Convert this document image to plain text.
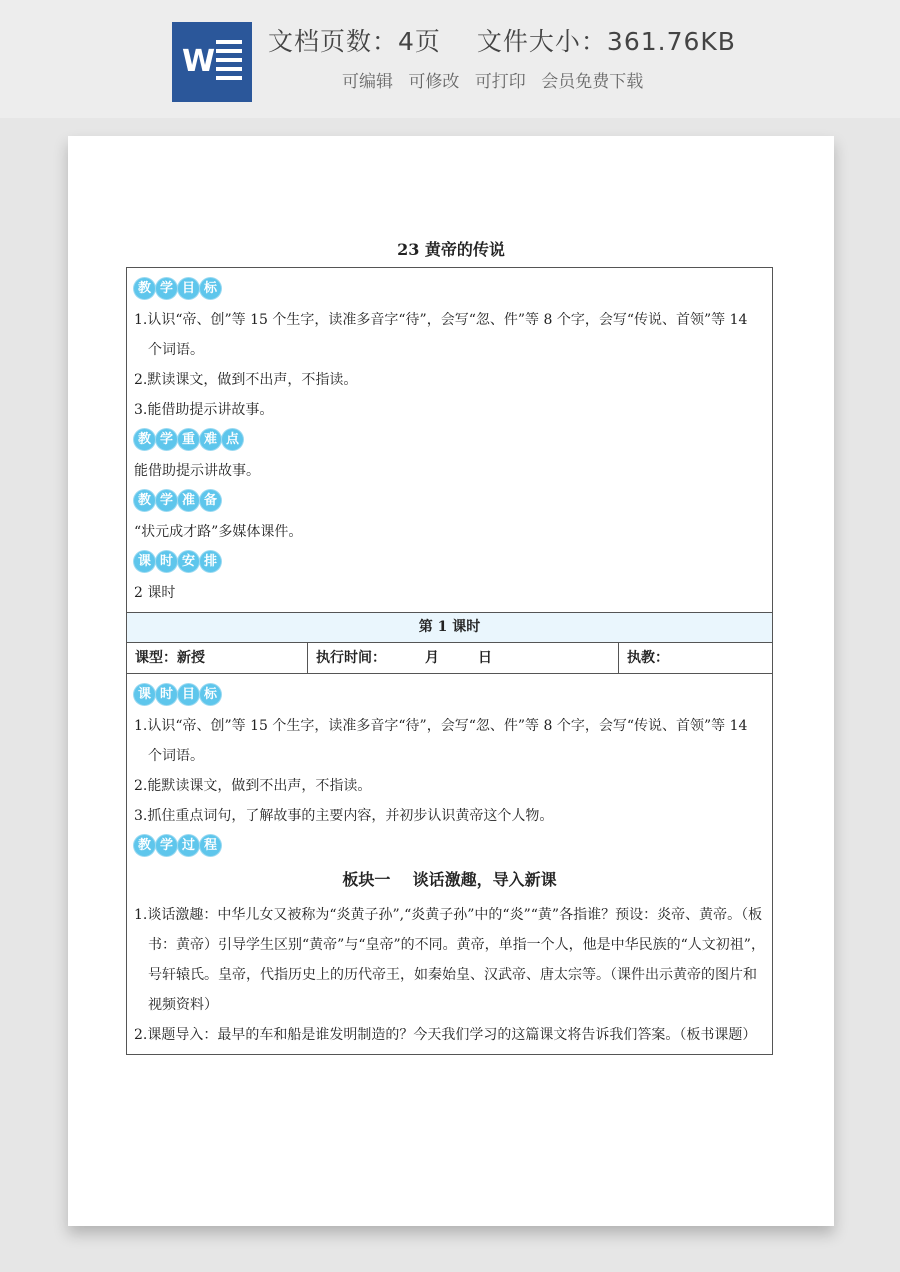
W
文档页数：4页 文件大小：361.76KB
可编辑 可修改 可打印 会员免费下载
23 黄帝的传说
教 学 目 标
1.认识“帝、创”等 15 个生字，读准多音字“待”，会写“忽、件”等 8 个字，会写“传说、首领”等 14 个词语。
2.默读课文，做到不出声，不指读。
3.能借助提示讲故事。
教 学 重 难 点
能借助提示讲故事。
教 学 准 备
“状元成才路”多媒体课件。
课 时 安 排
2 课时
第 1 课时
课型：新授	执行时间：        月        日	执教：
课 时 目 标
1.认识“帝、创”等 15 个生字，读准多音字“待”，会写“忽、件”等 8 个字，会写“传说、首领”等 14 个词语。
2.能默读课文，做到不出声，不指读。
3.抓住重点词句，了解故事的主要内容，并初步认识黄帝这个人物。
教 学 过 程
板块一    谈话激趣，导入新课
1.谈话激趣：中华儿女又被称为“炎黄子孙”,“炎黄子孙”中的“炎”“黄”各指谁？预设：炎帝、黄帝。（板书：黄帝）引导学生区别“黄帝”与“皇帝”的不同。黄帝，单指一个人，他是中华民族的“人文初祖”，号轩辕氏。皇帝，代指历史上的历代帝王，如秦始皇、汉武帝、唐太宗等。（课件出示黄帝的图片和视频资料）
2.课题导入：最早的车和船是谁发明制造的？今天我们学习的这篇课文将告诉我们答案。（板书课题）
